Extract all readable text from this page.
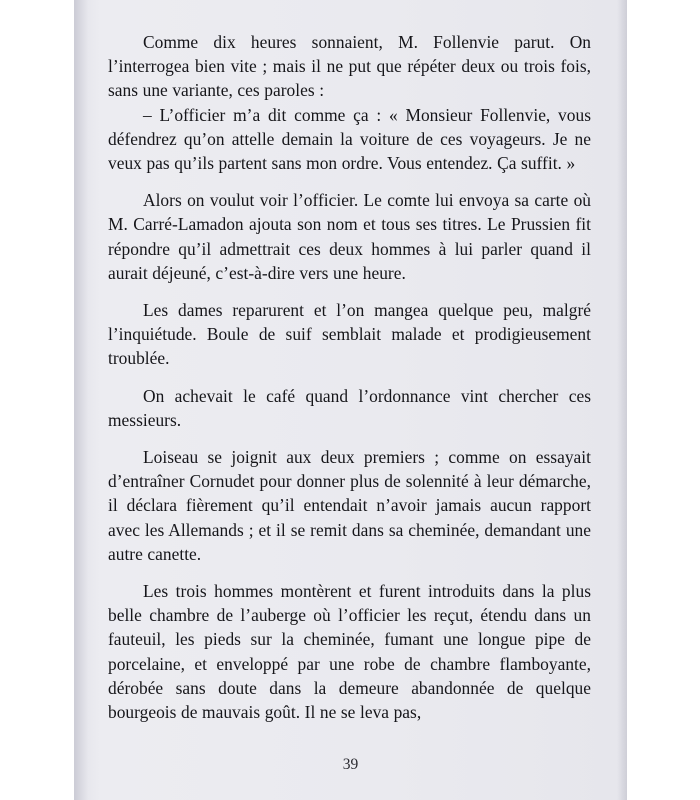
Comme dix heures sonnaient, M. Follenvie parut. On l’interrogea bien vite ; mais il ne put que répéter deux ou trois fois, sans une variante, ces paroles :

– L’officier m’a dit comme ça : « Monsieur Follenvie, vous défendrez qu’on attelle demain la voiture de ces voyageurs. Je ne veux pas qu’ils partent sans mon ordre. Vous entendez. Ça suffit. »

Alors on voulut voir l’officier. Le comte lui envoya sa carte où M. Carré-Lamadon ajouta son nom et tous ses titres. Le Prussien fit répondre qu’il admettrait ces deux hommes à lui parler quand il aurait déjeuné, c’est-à-dire vers une heure.

Les dames reparurent et l’on mangea quelque peu, malgré l’inquiétude. Boule de suif semblait malade et prodigieusement troublée.

On achevait le café quand l’ordonnance vint chercher ces messieurs.

Loiseau se joignit aux deux premiers ; comme on essayait d’entraîner Cornudet pour donner plus de solennité à leur démarche, il déclara fièrement qu’il entendait n’avoir jamais aucun rapport avec les Allemands ; et il se remit dans sa cheminée, demandant une autre canette.

Les trois hommes montèrent et furent introduits dans la plus belle chambre de l’auberge où l’officier les reçut, étendu dans un fauteuil, les pieds sur la cheminée, fumant une longue pipe de porcelaine, et enveloppé par une robe de chambre flamboyante, dérobée sans doute dans la demeure abandonnée de quelque bourgeois de mauvais goût. Il ne se leva pas,

39
